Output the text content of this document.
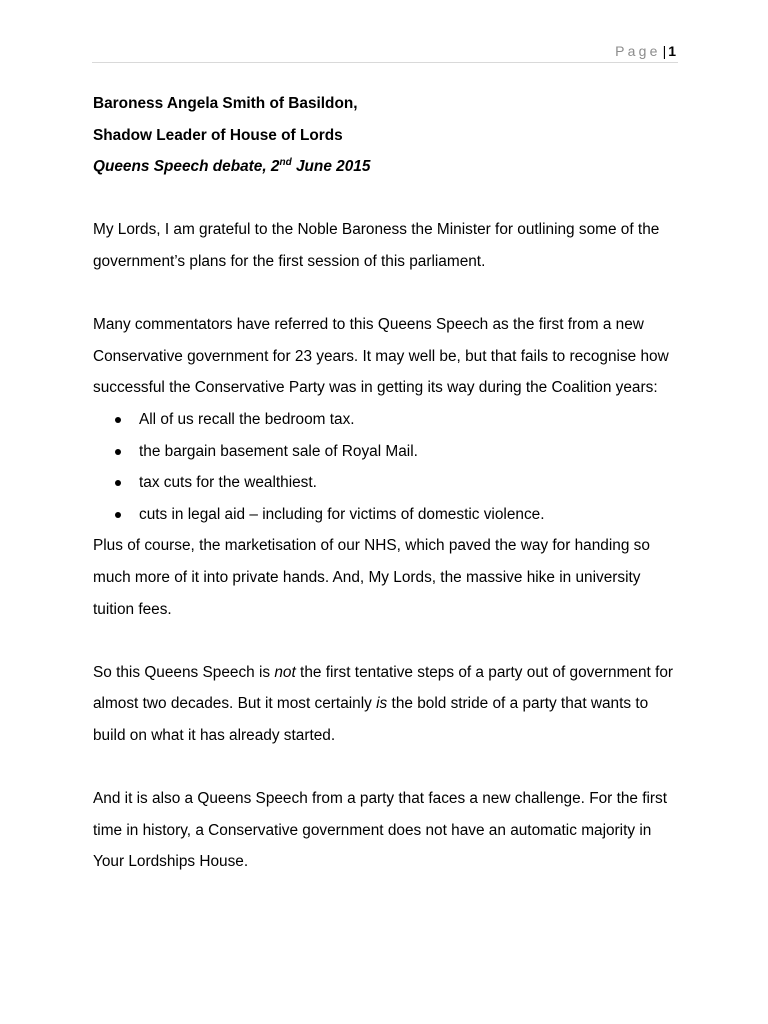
Page | 1
Baroness Angela Smith of Basildon,
Shadow Leader of House of Lords
Queens Speech debate, 2nd June 2015

My Lords, I am grateful to the Noble Baroness the Minister for outlining some of the government’s plans for the first session of this parliament.

Many commentators have referred to this Queens Speech as the first from a new Conservative government for 23 years. It may well be, but that fails to recognise how successful the Conservative Party was in getting its way during the Coalition years:

All of us recall the bedroom tax.
the bargain basement sale of Royal Mail.
tax cuts for the wealthiest.
cuts in legal aid – including for victims of domestic violence.

Plus of course, the marketisation of our NHS, which paved the way for handing so much more of it into private hands. And, My Lords, the massive hike in university tuition fees.

So this Queens Speech is not the first tentative steps of a party out of government for almost two decades. But it most certainly is the bold stride of a party that wants to build on what it has already started.

And it is also a Queens Speech from a party that faces a new challenge. For the first time in history, a Conservative government does not have an automatic majority in Your Lordships House.
